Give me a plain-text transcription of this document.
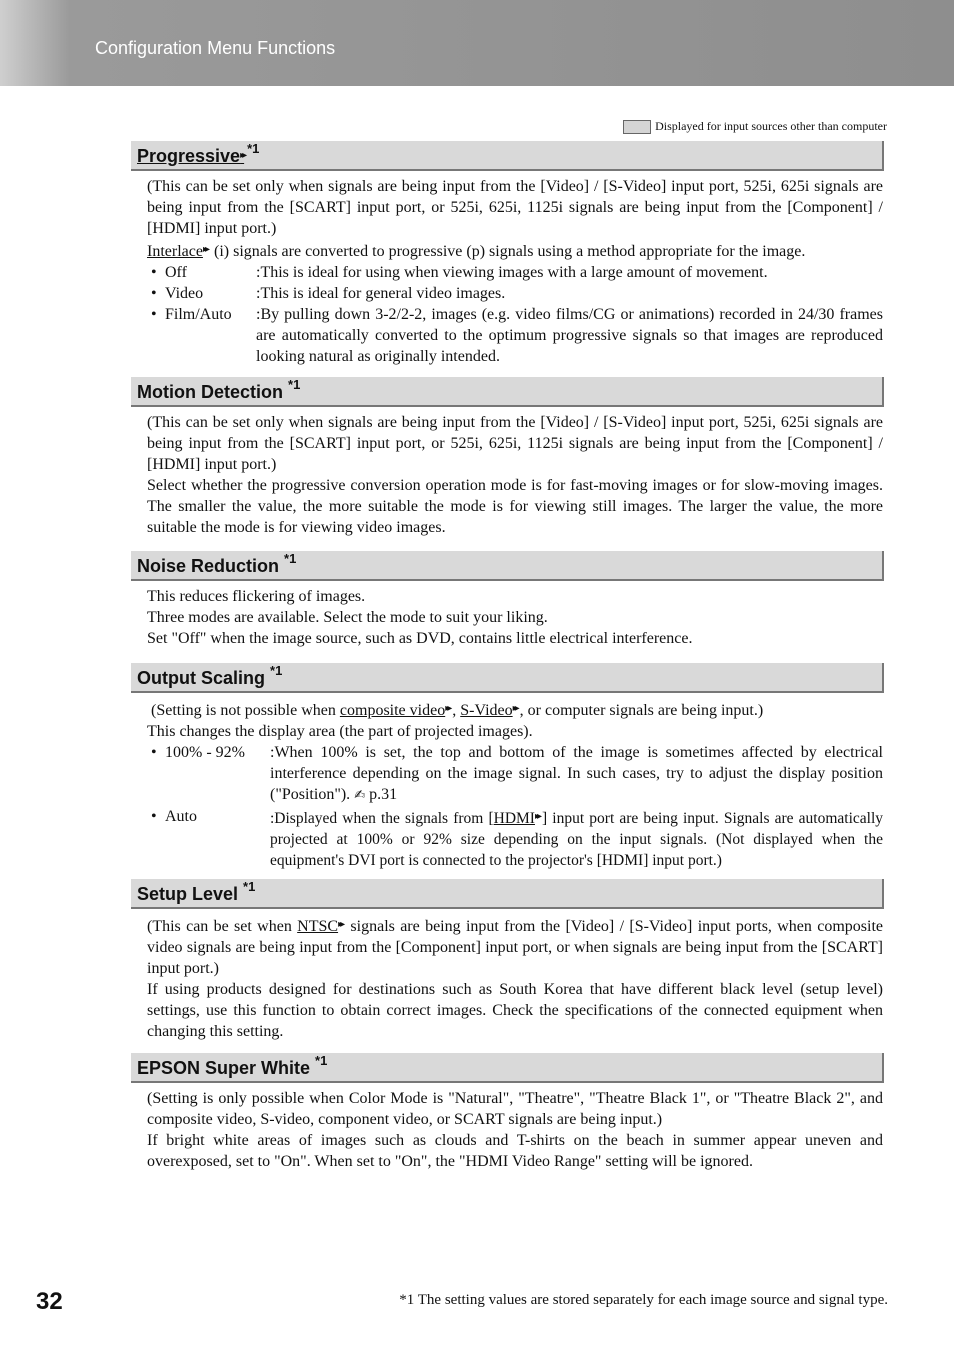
Configuration Menu Functions
Displayed for input sources other than computer
Progressive▸▸ $^{*1}$

(This can be set only when signals are being input from the [Video] / [S-Video] input port, 525i, 625i signals are being input from the [SCART] input port, or 525i, 625i, 1125i signals are being input from the [Component] / [HDMI] input port.)

Interlace▸▸ (i) signals are converted to progressive (p) signals using a method appropriate for the image.

• Off	:This is ideal for using when viewing images with a large amount of movement.
• Video	:This is ideal for general video images.
• Film/Auto	:By pulling down 3-2/2-2, images (e.g. video films/CG or animations) recorded in 24/30 frames are automatically converted to the optimum progressive signals so that images are reproduced looking natural as originally intended.
Motion Detection $^{*1}$

(This can be set only when signals are being input from the [Video] / [S-Video] input port, 525i, 625i signals are being input from the [SCART] input port, or 525i, 625i, 1125i signals are being input from the [Component] / [HDMI] input port.)

Select whether the progressive conversion operation mode is for fast-moving images or for slow-moving images. The smaller the value, the more suitable the mode is for viewing still images. The larger the value, the more suitable the mode is for viewing video images.

Noise Reduction $^{*1}$

This reduces flickering of images.

Three modes are available. Select the mode to suit your liking.

Set "Off" when the image source, such as DVD, contains little electrical interference.

Output Scaling $^{*1}$

(Setting is not possible when composite video▸▸ , S-Video▸▸ , or computer signals are being input.)

This changes the display area (the part of projected images).

• 100% - 92%	:When 100% is set, the top and bottom of the image is sometimes affected by electrical interference depending on the image signal. In such cases, try to adjust the display position ("Position"). ✍ p.31
• Auto	:Displayed when the signals from [HDMI▸▸ ] input port are being input. Signals are automatically projected at 100% or 92% size depending on the input signals. (Not displayed when the equipment's DVI port is connected to the projector's [HDMI] input port.)
Setup Level $^{*1}$

(This can be set when NTSC▸▸ signals are being input from the [Video] / [S-Video] input ports, when composite video signals are being input from the [Component] input port, or when signals are being input from the [SCART] input port.)

If using products designed for destinations such as South Korea that have different black level (setup level) settings, use this function to obtain correct images. Check the specifications of the connected equipment when changing this setting.

EPSON Super White $^{*1}$

(Setting is only possible when Color Mode is "Natural", "Theatre", "Theatre Black 1", or "Theatre Black 2", and composite video, S-video, component video, or SCART signals are being input.)

If bright white areas of images such as clouds and T-shirts on the beach in summer appear uneven and overexposed, set to "On". When set to "On", the "HDMI Video Range" setting will be ignored.

32	*1 The setting values are stored separately for each image source and signal type.
